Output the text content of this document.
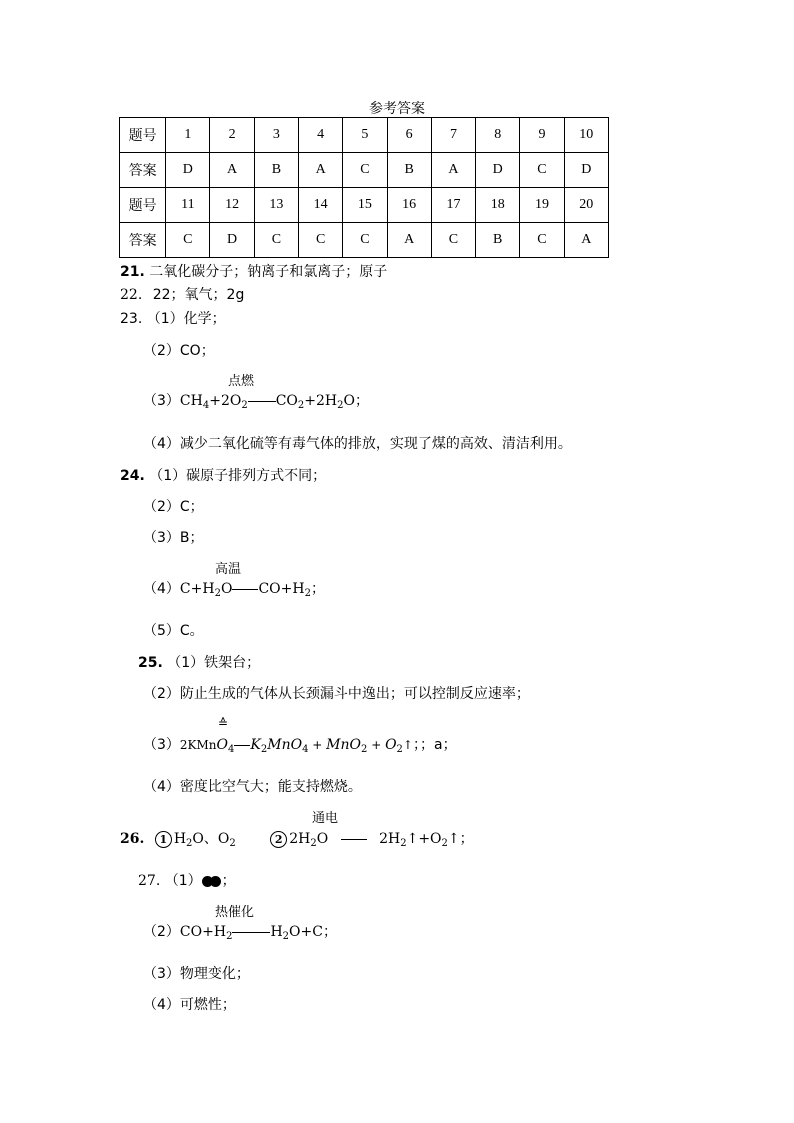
参考答案
题号	1	2	3	4	5	6	7	8	9	10
答案	D	A	B	A	C	B	A	D	C	D
题号	11	12	13	14	15	16	17	18	19	20
答案	C	D	C	C	C	A	C	B	C	A
21. 二氧化碳分子；钠离子和氯离子；原子
22. 22；氧气；2g
23. （1）化学；
（2）CO；
点燃
$(3)CH_4+2O_2$ $CO_2+2H_2O$；
（4）减少二氧化硫等有毒气体的排放，实现了煤的高效、清洁利用。
24. （1）碳原子排列方式不同；
（2）C；
（3）B；
高温
$(4)C+H_2O$ $CO+H_2$；
（5）C。
25. （1）铁架台；
（2）防止生成的气体从长颈漏斗中逸出；可以控制反应速率；
≙
（3）2KMnO$_4$ $K_2MnO_4 + MnO_2$ + $O_2↑$；；a；
（4）密度比空气大；能支持燃烧。
通电
26. 1 $H_2O$、$O_2$	2 $2H_2O$	$2H_2↑+O_2↑$；
27. （1） ；
热催化
$(2)CO+H_2$	$H_2O+C$；
（3）物理变化；
（4）可燃性；
